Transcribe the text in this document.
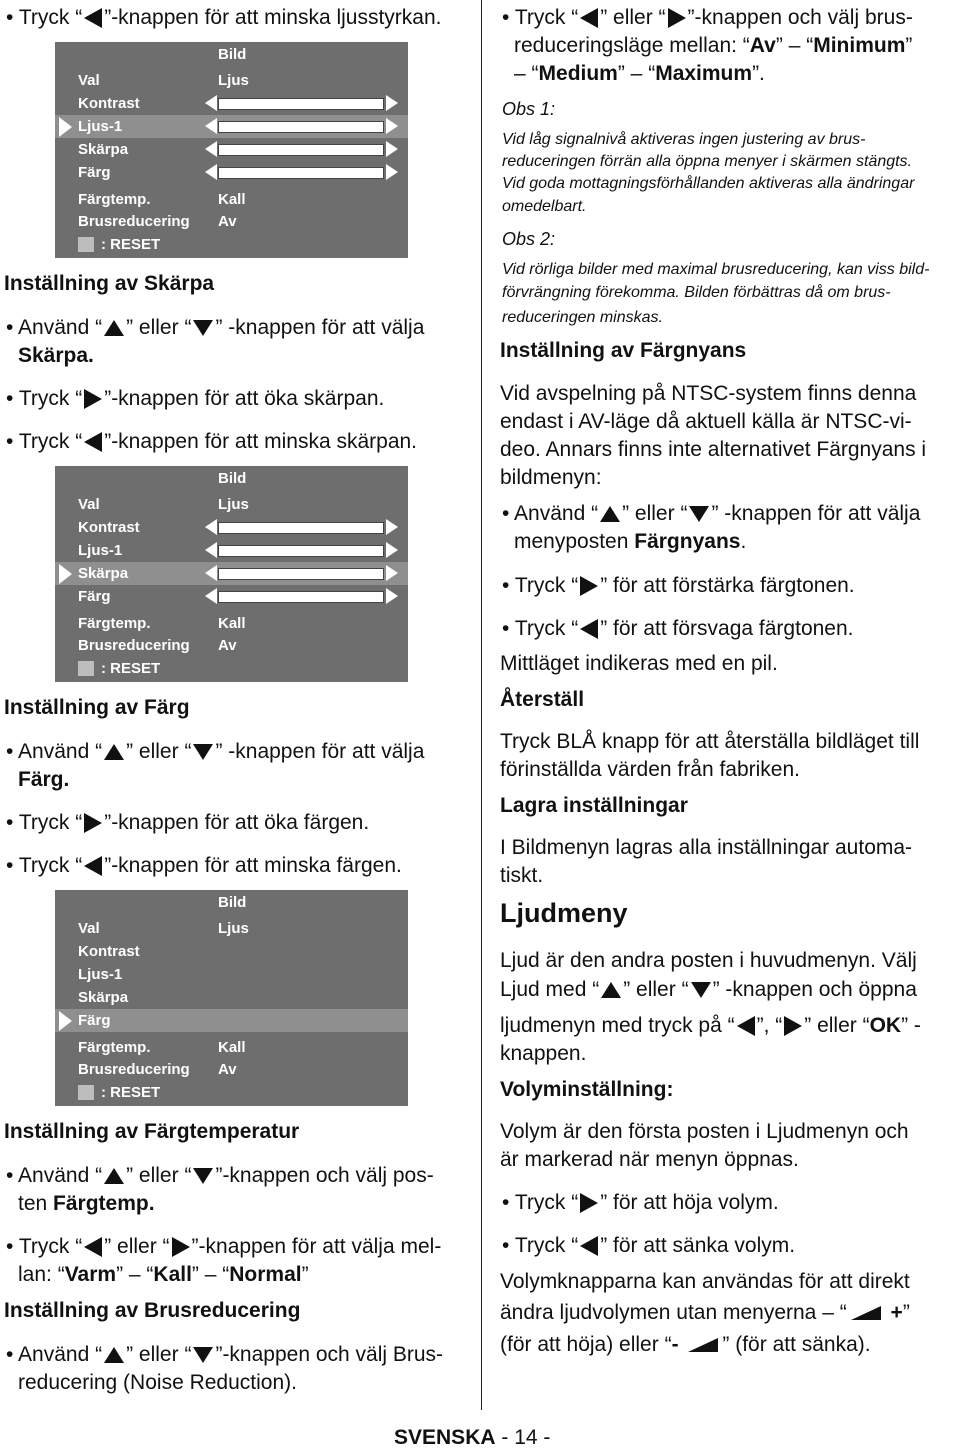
• Tryck “ ”-knappen för att minska ljusstyrkan.

Bild
Val	Ljus
Kontrast
Ljus-1
Skärpa
Färg
Färgtemp.	Kall
Brusreducering Av
: RESET
Inställning av Skärpa

• Använd “ ” eller “ ” -knappen för att välja

Skärpa.

• Tryck “ ”-knappen för att öka skärpan.

• Tryck “ ”-knappen för att minska skärpan.

Bild
Val	Ljus
Kontrast
Ljus-1
Skärpa
Färg
Färgtemp.	Kall
Brusreducering Av
: RESET
Inställning av Färg

• Använd “ ” eller “ ” -knappen för att välja

Färg.

• Tryck “ ”-knappen för att öka färgen.

• Tryck “ ”-knappen för att minska färgen.

Bild
Val	Ljus
Kontrast
Ljus-1
Skärpa
Färg
Färgtemp.	Kall
Brusreducering Av
: RESET
Inställning av Färgtemperatur

• Använd “ ” eller “ ”-knappen och välj pos-

ten Färgtemp.

• Tryck “ ” eller “ ”-knappen för att välja mel-

lan: “Varm” – “Kall” – “Normal”

Inställning av Brusreducering

• Använd “ ” eller “ ”-knappen och välj Brus-

reducering (Noise Reduction).

• Tryck “ ” eller “ ”-knappen och välj brus-

reduceringsläge mellan: “Av” – “Minimum”

– “Medium” – “Maximum”.

Obs 1:
Vid låg signalnivå aktiveras ingen justering av brus-
reduceringen förrän alla öppna menyer i skärmen stängts.
Vid goda mottagningsförhållanden aktiveras alla ändringar
omedelbart.
Obs 2:
Vid rörliga bilder med maximal brusreducering, kan viss bild-
förvrängning förekomma. Bilden förbättras då om brus-
reduceringen minskas.
Inställning av Färgnyans

Vid avspelning på NTSC-system finns denna

endast i AV-läge då aktuell källa är NTSC-vi-

deo. Annars finns inte alternativet Färgnyans i

bildmenyn:

• Använd “ ” eller “ ” -knappen för att välja

menyposten Färgnyans.

• Tryck “ ” för att förstärka färgtonen.

• Tryck “ ” för att försvaga färgtonen.

Mittläget indikeras med en pil.

Återställ

Tryck BLÅ knapp för att återställa bildläget till

förinställda värden från fabriken.

Lagra inställningar

I Bildmenyn lagras alla inställningar automa-

tiskt.

Ljudmeny

Ljud är den andra posten i huvudmenyn. Välj

Ljud med “ ” eller “ ” -knappen och öppna

ljudmenyn med tryck på “ ”, “ ” eller “OK” -

knappen.

Volyminställning:

Volym är den första posten i Ljudmenyn och

är markerad när menyn öppnas.

• Tryck “ ” för att höja volym.

• Tryck “ ” för att sänka volym.

Volymknapparna kan användas för att direkt

ändra ljudvolymen utan menyerna – “ +”

(för att höja) eller “- ” (för att sänka).

SVENSKA - 14 -
